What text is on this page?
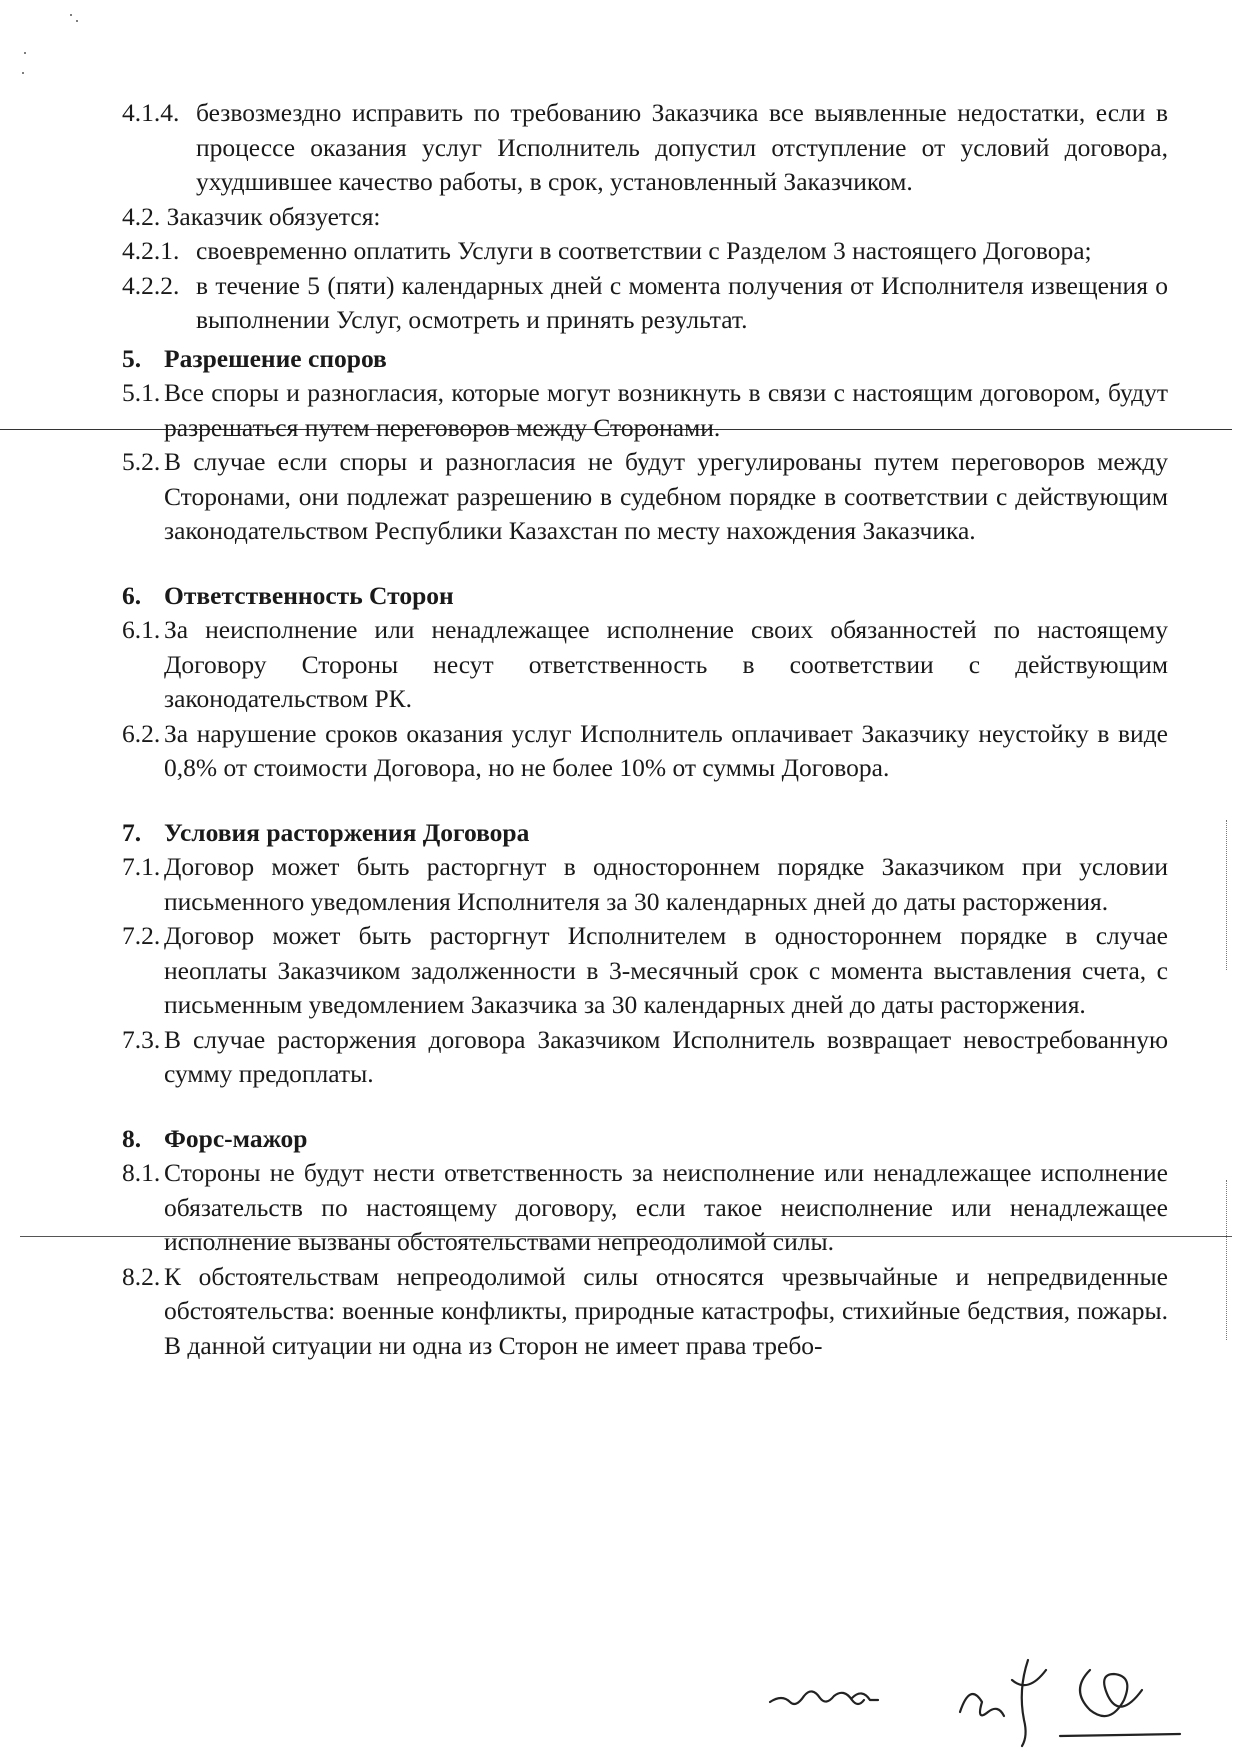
4.1.4. безвозмездно исправить по требованию Заказчика все выявленные недостатки, если в процессе оказания услуг Исполнитель допустил отступление от условий договора, ухудшившее качество работы, в срок, установленный Заказчиком.
4.2. Заказчик обязуется:
4.2.1. своевременно оплатить Услуги в соответствии с Разделом 3 настоящего Договора;
4.2.2. в течение 5 (пяти) календарных дней с момента получения от Исполнителя извещения о выполнении Услуг, осмотреть и принять результат.
5. Разрешение споров
5.1. Все споры и разногласия, которые могут возникнуть в связи с настоящим договором, будут разрешаться путем переговоров между Сторонами.
5.2. В случае если споры и разногласия не будут урегулированы путем переговоров между Сторонами, они подлежат разрешению в судебном порядке в соответствии с действующим законодательством Республики Казахстан по месту нахождения Заказчика.
6. Ответственность Сторон
6.1. За неисполнение или ненадлежащее исполнение своих обязанностей по настоящему Договору Стороны несут ответственность в соответствии с действующим законодательством РК.
6.2. За нарушение сроков оказания услуг Исполнитель оплачивает Заказчику неустойку в виде 0,8% от стоимости Договора, но не более 10% от суммы Договора.
7. Условия расторжения Договора
7.1. Договор может быть расторгнут в одностороннем порядке Заказчиком при условии письменного уведомления Исполнителя за 30 календарных дней до даты расторжения.
7.2. Договор может быть расторгнут Исполнителем в одностороннем порядке в случае неоплаты Заказчиком задолженности в 3-месячный срок с момента выставления счета, с письменным уведомлением Заказчика за 30 календарных дней до даты расторжения.
7.3. В случае расторжения договора Заказчиком Исполнитель возвращает невостребованную сумму предоплаты.
8. Форс-мажор
8.1. Стороны не будут нести ответственность за неисполнение или ненадлежащее исполнение обязательств по настоящему договору, если такое неисполнение или ненадлежащее исполнение вызваны обстоятельствами непреодолимой силы.
8.2. К обстоятельствам непреодолимой силы относятся чрезвычайные и непредвиденные обстоятельства: военные конфликты, природные катастрофы, стихийные бедствия, пожары. В данной ситуации ни одна из Сторон не имеет права требо-
